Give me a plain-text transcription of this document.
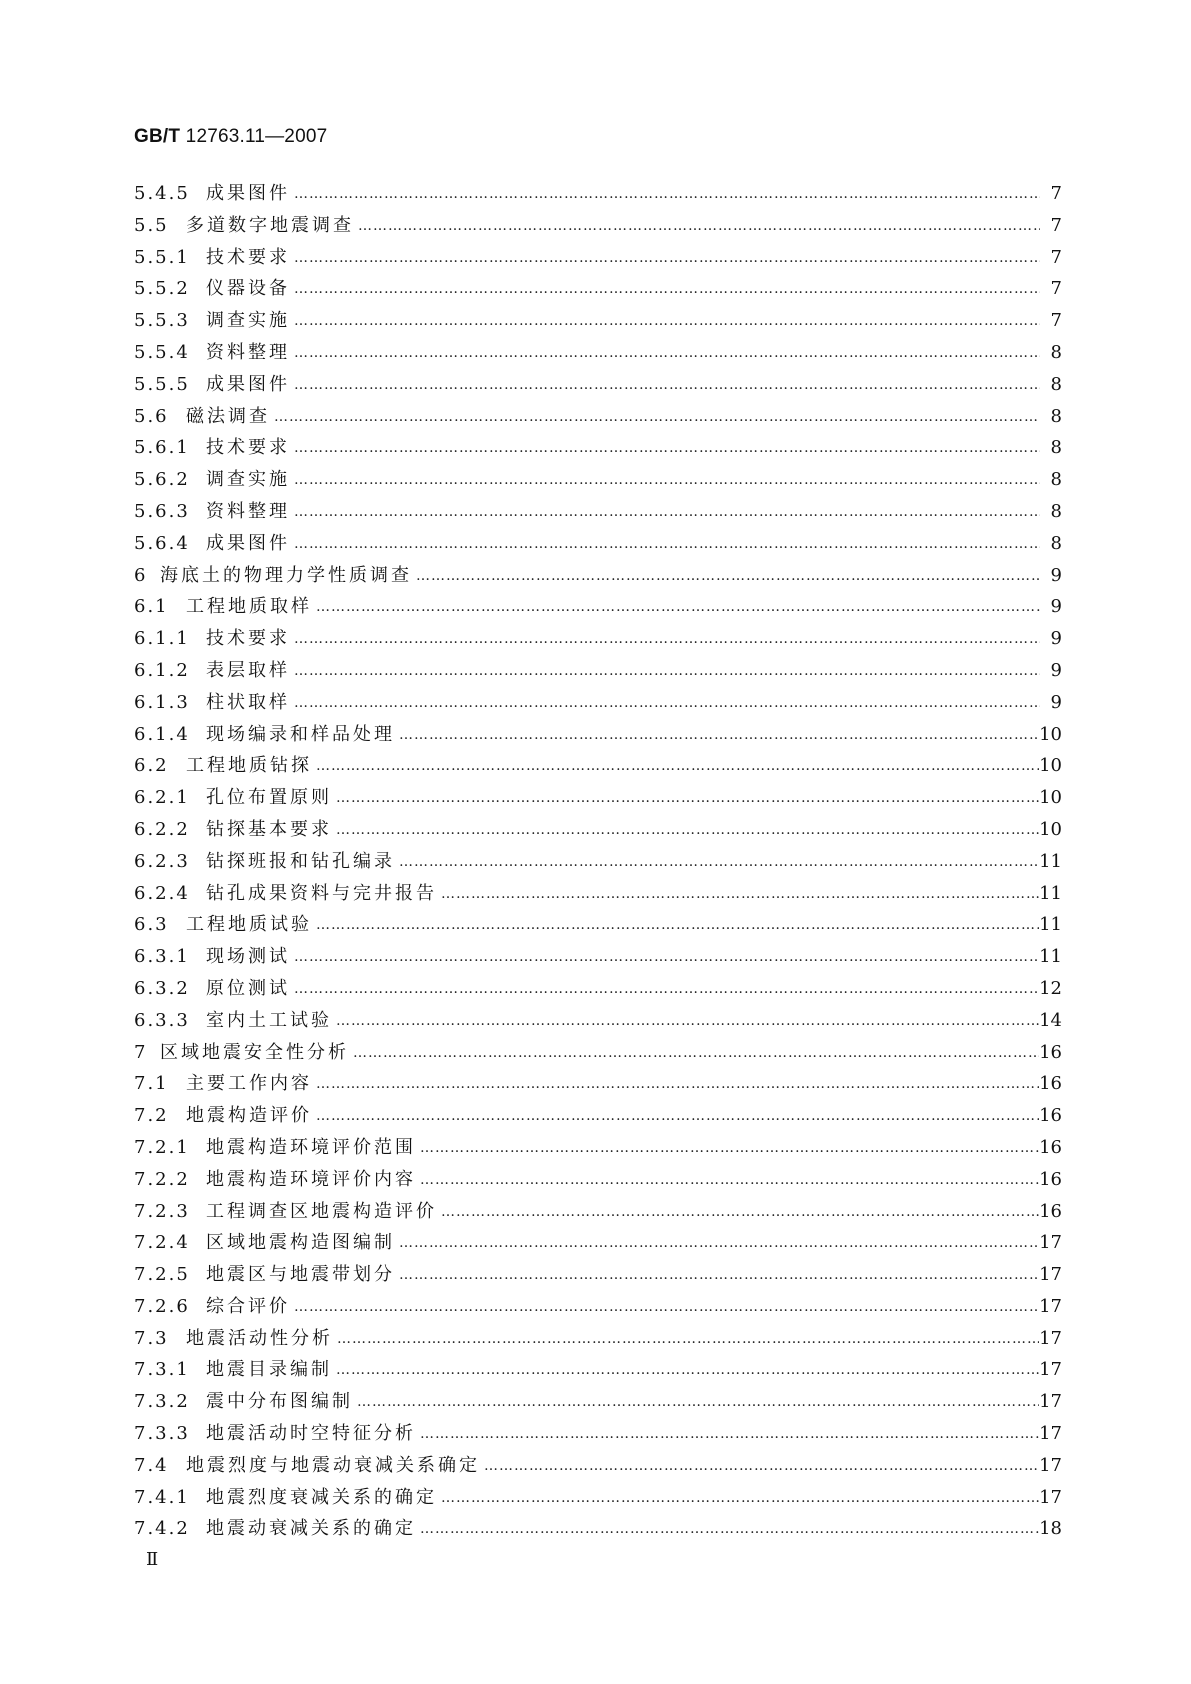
GB/T 12763.11—2007
5.4.5 成果图件 …………………………………………………………………………………………………………………………………………………………………………………………	7
5.5 多道数字地震调查 …………………………………………………………………………………………………………………………………………………………………………………………	7
5.5.1 技术要求 …………………………………………………………………………………………………………………………………………………………………………………………	7
5.5.2 仪器设备 …………………………………………………………………………………………………………………………………………………………………………………………	7
5.5.3 调查实施 …………………………………………………………………………………………………………………………………………………………………………………………	7
5.5.4 资料整理 …………………………………………………………………………………………………………………………………………………………………………………………	8
5.5.5 成果图件 …………………………………………………………………………………………………………………………………………………………………………………………	8
5.6 磁法调查 …………………………………………………………………………………………………………………………………………………………………………………………	8
5.6.1 技术要求 …………………………………………………………………………………………………………………………………………………………………………………………	8
5.6.2 调查实施 …………………………………………………………………………………………………………………………………………………………………………………………	8
5.6.3 资料整理 …………………………………………………………………………………………………………………………………………………………………………………………	8
5.6.4 成果图件 …………………………………………………………………………………………………………………………………………………………………………………………	8
6 海底土的物理力学性质调查 …………………………………………………………………………………………………………………………………………………………………………………………	9
6.1 工程地质取样 …………………………………………………………………………………………………………………………………………………………………………………………	9
6.1.1 技术要求 …………………………………………………………………………………………………………………………………………………………………………………………	9
6.1.2 表层取样 …………………………………………………………………………………………………………………………………………………………………………………………	9
6.1.3 柱状取样 …………………………………………………………………………………………………………………………………………………………………………………………	9
6.1.4 现场编录和样品处理 …………………………………………………………………………………………………………………………………………………………………………………………	10
6.2 工程地质钻探 …………………………………………………………………………………………………………………………………………………………………………………………	10
6.2.1 孔位布置原则 …………………………………………………………………………………………………………………………………………………………………………………………	10
6.2.2 钻探基本要求 …………………………………………………………………………………………………………………………………………………………………………………………	10
6.2.3 钻探班报和钻孔编录 …………………………………………………………………………………………………………………………………………………………………………………………	11
6.2.4 钻孔成果资料与完井报告 …………………………………………………………………………………………………………………………………………………………………………………………	11
6.3 工程地质试验 …………………………………………………………………………………………………………………………………………………………………………………………	11
6.3.1 现场测试 …………………………………………………………………………………………………………………………………………………………………………………………	11
6.3.2 原位测试 …………………………………………………………………………………………………………………………………………………………………………………………	12
6.3.3 室内土工试验 …………………………………………………………………………………………………………………………………………………………………………………………	14
7 区域地震安全性分析 …………………………………………………………………………………………………………………………………………………………………………………………	16
7.1 主要工作内容 …………………………………………………………………………………………………………………………………………………………………………………………	16
7.2 地震构造评价 …………………………………………………………………………………………………………………………………………………………………………………………	16
7.2.1 地震构造环境评价范围 …………………………………………………………………………………………………………………………………………………………………………………………	16
7.2.2 地震构造环境评价内容 …………………………………………………………………………………………………………………………………………………………………………………………	16
7.2.3 工程调查区地震构造评价 …………………………………………………………………………………………………………………………………………………………………………………………	16
7.2.4 区域地震构造图编制 …………………………………………………………………………………………………………………………………………………………………………………………	17
7.2.5 地震区与地震带划分 …………………………………………………………………………………………………………………………………………………………………………………………	17
7.2.6 综合评价 …………………………………………………………………………………………………………………………………………………………………………………………	17
7.3 地震活动性分析 …………………………………………………………………………………………………………………………………………………………………………………………	17
7.3.1 地震目录编制 …………………………………………………………………………………………………………………………………………………………………………………………	17
7.3.2 震中分布图编制 …………………………………………………………………………………………………………………………………………………………………………………………	17
7.3.3 地震活动时空特征分析 …………………………………………………………………………………………………………………………………………………………………………………………	17
7.4 地震烈度与地震动衰减关系确定 …………………………………………………………………………………………………………………………………………………………………………………………	17
7.4.1 地震烈度衰减关系的确定 …………………………………………………………………………………………………………………………………………………………………………………………	17
7.4.2 地震动衰减关系的确定 …………………………………………………………………………………………………………………………………………………………………………………………	18
Ⅱ
